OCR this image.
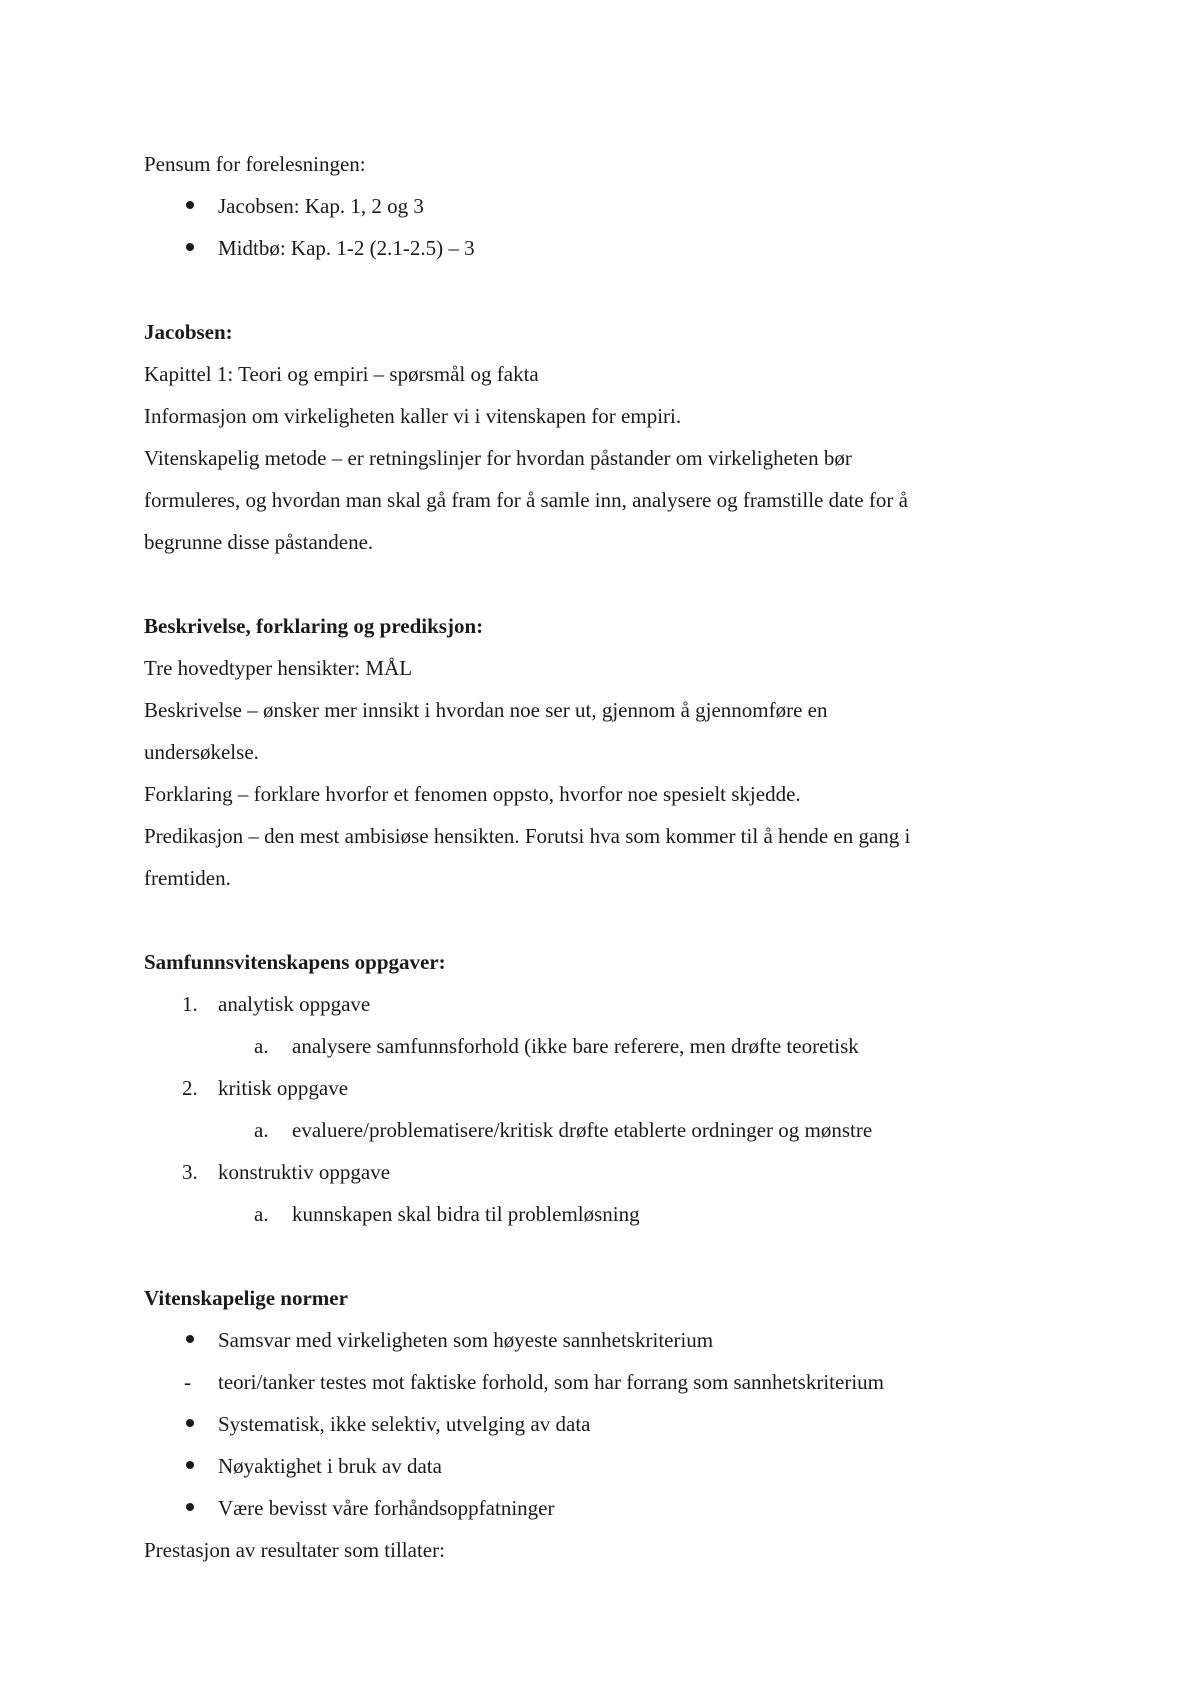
Pensum for forelesningen:

Jacobsen: Kap. 1, 2 og 3
Midtbø: Kap. 1-2 (2.1-2.5) – 3

Jacobsen:

Kapittel 1: Teori og empiri – spørsmål og fakta

Informasjon om virkeligheten kaller vi i vitenskapen for empiri.

Vitenskapelig metode – er retningslinjer for hvordan påstander om virkeligheten bør

formuleres, og hvordan man skal gå fram for å samle inn, analysere og framstille date for å

begrunne disse påstandene.

Beskrivelse, forklaring og prediksjon:

Tre hovedtyper hensikter: MÅL

Beskrivelse – ønsker mer innsikt i hvordan noe ser ut, gjennom å gjennomføre en

undersøkelse.

Forklaring – forklare hvorfor et fenomen oppsto, hvorfor noe spesielt skjedde.

Predikasjon – den mest ambisiøse hensikten. Forutsi hva som kommer til å hende en gang i

fremtiden.

Samfunnsvitenskapens oppgaver:

1. analytisk oppgave
a. analysere samfunnsforhold (ikke bare referere, men drøfte teoretisk
2. kritisk oppgave
a. evaluere/problematisere/kritisk drøfte etablerte ordninger og mønstre
3. konstruktiv oppgave
a. kunnskapen skal bidra til problemløsning

Vitenskapelige normer

Samsvar med virkeligheten som høyeste sannhetskriterium
- teori/tanker testes mot faktiske forhold, som har forrang som sannhetskriterium
Systematisk, ikke selektiv, utvelging av data
Nøyaktighet i bruk av data
Være bevisst våre forhåndsoppfatninger

Prestasjon av resultater som tillater:
